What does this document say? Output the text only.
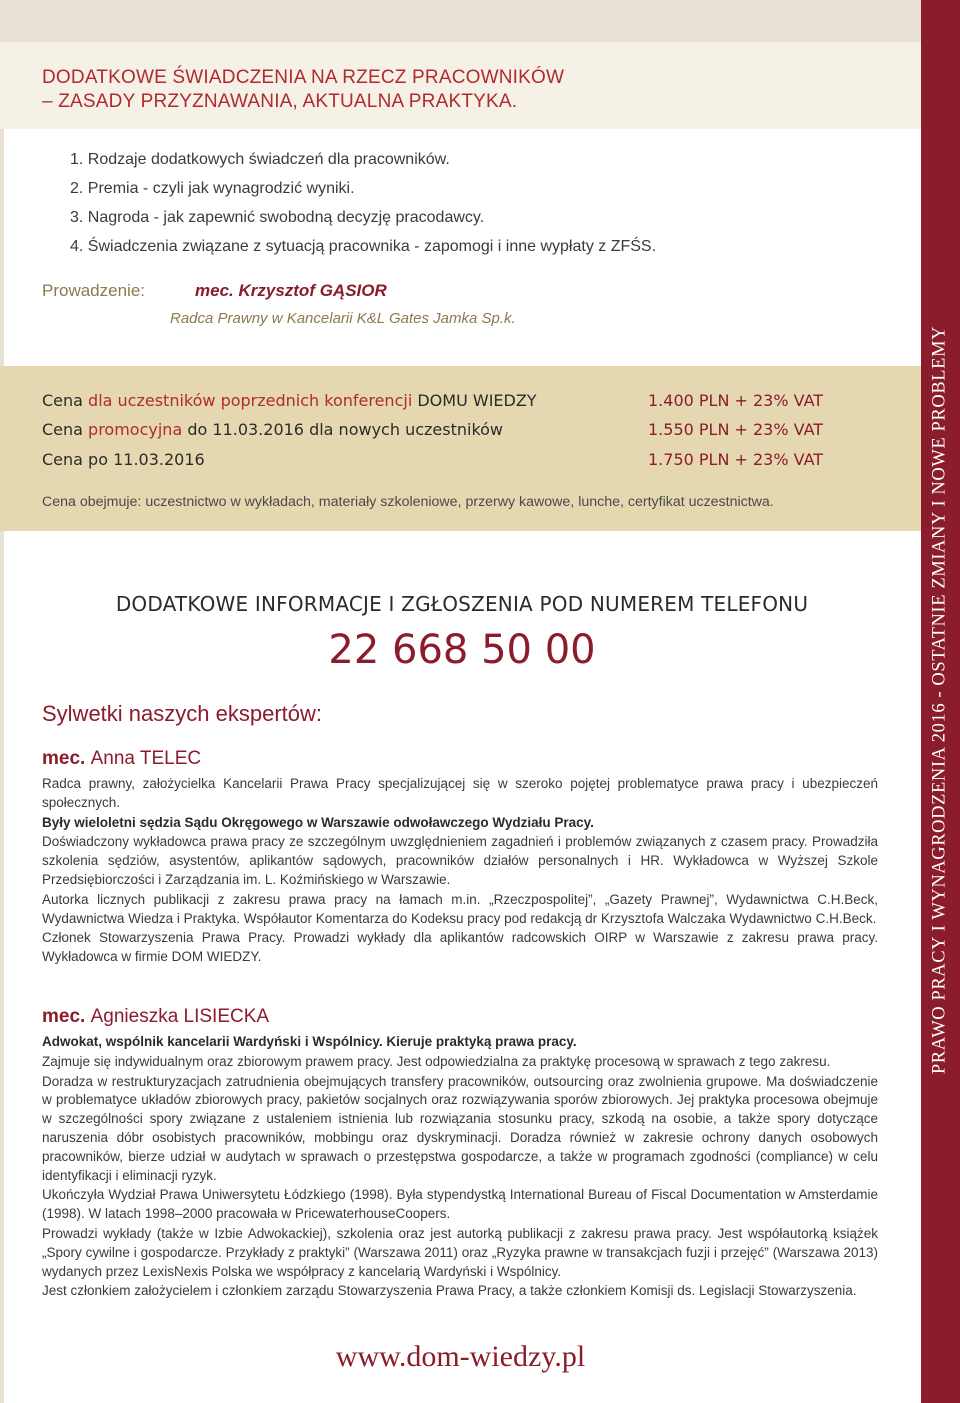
DODATKOWE ŚWIADCZENIA NA RZECZ PRACOWNIKÓW
– ZASADY PRZYZNAWANIA, AKTUALNA PRAKTYKA.
1. Rodzaje dodatkowych świadczeń dla pracowników.
2. Premia - czyli jak wynagrodzić wyniki.
3. Nagroda - jak zapewnić swobodną decyzję pracodawcy.
4. Świadczenia związane z sytuacją pracownika - zapomogi i inne wypłaty z ZFŚS.
Prowadzenie:	mec. Krzysztof GĄSIOR
Radca Prawny w Kancelarii K&L Gates Jamka Sp.k.
Cena dla uczestników poprzednich konferencji DOMU WIEDZY	1.400 PLN + 23% VAT
Cena promocyjna do 11.03.2016 dla nowych uczestników	1.550 PLN + 23% VAT
Cena po 11.03.2016	1.750 PLN + 23% VAT
Cena obejmuje: uczestnictwo w wykładach, materiały szkoleniowe, przerwy kawowe, lunche, certyfikat uczestnictwa.
DODATKOWE INFORMACJE I ZGŁOSZENIA POD NUMEREM TELEFONU
22 668 50 00
Sylwetki naszych ekspertów:
mec. Anna TELEC

Radca prawny, założycielka Kancelarii Prawa Pracy specjalizującej się w szeroko pojętej problematyce prawa pracy i ubezpieczeń społecznych.

Były wieloletni sędzia Sądu Okręgowego w Warszawie odwoławczego Wydziału Pracy.

Doświadczony wykładowca prawa pracy ze szczególnym uwzględnieniem zagadnień i problemów związanych z czasem pracy. Prowadziła szkolenia sędziów, asystentów, aplikantów sądowych, pracowników działów personalnych i HR. Wykładowca w Wyższej Szkole Przedsiębiorczości i Zarządzania im. L. Koźmińskiego w Warszawie.

Autorka licznych publikacji z zakresu prawa pracy na łamach m.in. „Rzeczpospolitej”, „Gazety Prawnej”, Wydawnictwa C.H.Beck, Wydawnictwa Wiedza i Praktyka. Współautor Komentarza do Kodeksu pracy pod redakcją dr Krzysztofa Walczaka Wydawnictwo C.H.Beck.

Członek Stowarzyszenia Prawa Pracy. Prowadzi wykłady dla aplikantów radcowskich OIRP w Warszawie z zakresu prawa pracy. Wykładowca w firmie DOM WIEDZY.

mec. Agnieszka LISIECKA

Adwokat, wspólnik kancelarii Wardyński i Wspólnicy. Kieruje praktyką prawa pracy.

Zajmuje się indywidualnym oraz zbiorowym prawem pracy. Jest odpowiedzialna za praktykę procesową w sprawach z tego zakresu.

Doradza w restrukturyzacjach zatrudnienia obejmujących transfery pracowników, outsourcing oraz zwolnienia grupowe. Ma doświadczenie w problematyce układów zbiorowych pracy, pakietów socjalnych oraz rozwiązywania sporów zbiorowych. Jej praktyka procesowa obejmuje w szczególności spory związane z ustaleniem istnienia lub rozwiązania stosunku pracy, szkodą na osobie, a także spory dotyczące naruszenia dóbr osobistych pracowników, mobbingu oraz dyskryminacji. Doradza również w zakresie ochrony danych osobowych pracowników, bierze udział w audytach w sprawach o przestępstwa gospodarcze, a także w programach zgodności (compliance) w celu identyfikacji i eliminacji ryzyk.

Ukończyła Wydział Prawa Uniwersytetu Łódzkiego (1998). Była stypendystką International Bureau of Fiscal Documentation w Amsterdamie (1998). W latach 1998–2000 pracowała w PricewaterhouseCoopers.

Prowadzi wykłady (także w Izbie Adwokackiej), szkolenia oraz jest autorką publikacji z zakresu prawa pracy. Jest współautorką książek „Spory cywilne i gospodarcze. Przykłady z praktyki” (Warszawa 2011) oraz „Ryzyka prawne w transakcjach fuzji i przejęć” (Warszawa 2013) wydanych przez LexisNexis Polska we współpracy z kancelarią Wardyński i Wspólnicy.

Jest członkiem założycielem i członkiem zarządu Stowarzyszenia Prawa Pracy, a także członkiem Komisji ds. Legislacji Stowarzyszenia.

www.dom-wiedzy.pl
PRAWO PRACY I WYNAGRODZENIA 2016 - OSTATNIE ZMIANY I NOWE PROBLEMY
